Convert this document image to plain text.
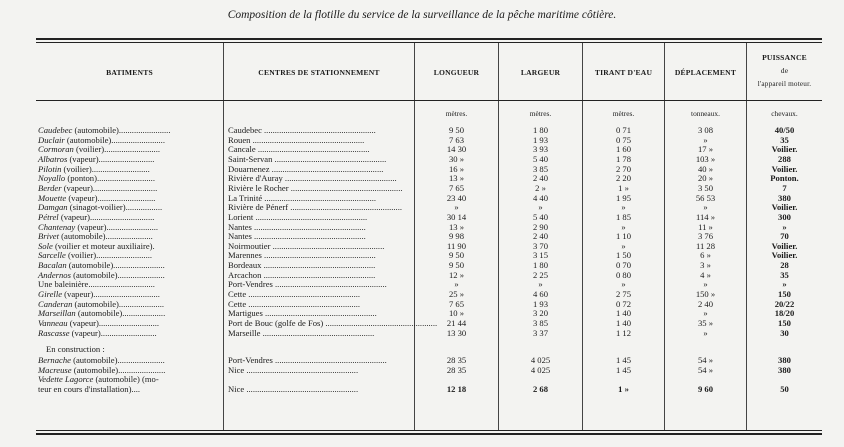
Composition de la flotille du service de la surveillance de la pêche maritime côtière.
BATIMENTS	CENTRES DE STATIONNEMENT	LONGUEUR	LARGEUR	TIRANT D'EAU	DÉPLACEMENT
PUISSANCE
de
l'appareil moteur.
mètres.	mètres.	mètres.	tonneaux.	chevaux.
Caudebec (automobile)........................	Caudebec ....................................................	9 50	1 80	0 71	3 08	40/50
Duclair (automobile).........................	Rouen ....................................................	7 63	1 93	0 75	»	35
Cormoran (voilier)..........................	Cancale ....................................................	14 30	3 93	1 60	17 »	Voilier.
Albatros (vapeur)..........................	Saint-Servan ....................................................	30 »	5 40	1 78	103 »	288
Pilotin (voilier)...........................	Douarnenez ....................................................	16 »	3 85	2 70	40 »	Voilier.
Noyallo (ponton)...........................	Rivière d'Auray ....................................................	13 »	2 40	2 20	20 »	Ponton.
Berder (vapeur)..............................	Rivière le Rocher ....................................................	7 65	2 »	1 »	3 50	7
Mouette (vapeur)...........................	La Trinité ....................................................	23 40	4 40	1 95	56 53	380
Damgan (sinagot-voilier).................	Rivière de Pénerf ....................................................	»	»	»	»	Voilier.
Pétrel (vapeur)..............................	Lorient ....................................................	30 14	5 40	1 85	114 »	300
Chantenay (vapeur)........................	Nantes ....................................................	13 »	2 90	»	11 »	»
Brivet (automobile)......................	Nantes ....................................................	9 98	2 40	1 10	3 76	70
Sole (voilier et moteur auxiliaire).	Noirmoutier ....................................................	11 90	3 70	»	11 28	Voilier.
Sarcelle (voilier)..........................	Marennes ....................................................	9 50	3 15	1 50	6 »	Voilier.
Bacalan (automobile)........................	Bordeaux ....................................................	9 50	1 80	0 70	3 »	28
Andernos (automobile)......................	Arcachon ....................................................	12 »	2 25	0 80	4 »	35
Une baleinière...............................	Port-Vendres ....................................................	»	»	»	»	»
Girelle (vapeur)...............................	Cette ....................................................	25 »	4 60	2 75	150 »	150
Canderan (automobile).....................	Cette ....................................................	7 65	1 93	0 72	2 40	20/22
Marseillan (automobile)....................	Martigues ....................................................	10 »	3 20	1 40	»	18/20
Vanneau (vapeur)............................	Port de Bouc (golfe de Fos) ....................................................	21 44	3 85	1 40	35 »	150
Rascasse (vapeur)..........................	Marseille ....................................................	13 30	3 37	1 12	»	30
En construction :
Bernache (automobile)......................	Port-Vendres ....................................................	28 35	4 025	1 45	54 »	380
Macreuse (automobile)......................	Nice ....................................................	28 35	4 025	1 45	54 »	380
Vedette Lagorce (automobile) (mo-
teur en cours d'installation)....	Nice ....................................................	12 18	2 68	1 »	9 60	50
